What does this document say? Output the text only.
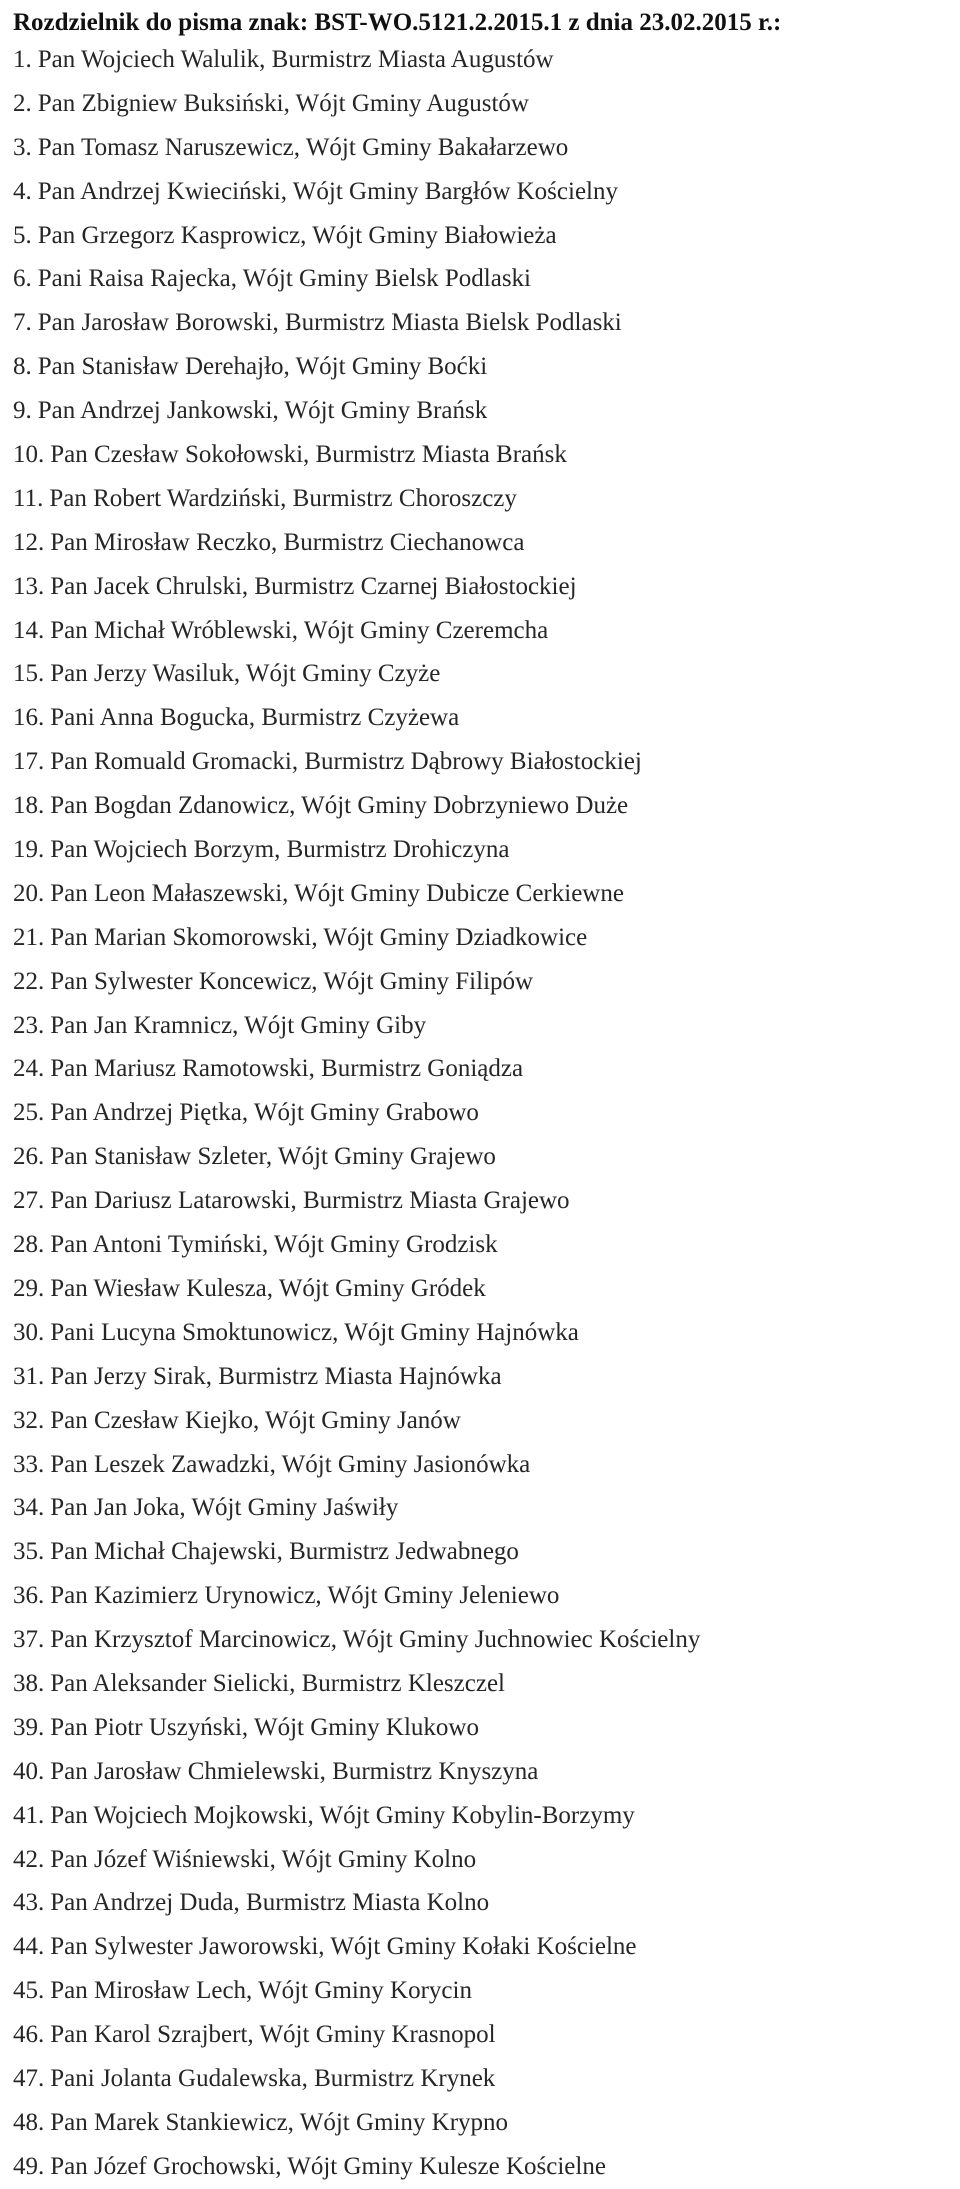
Rozdzielnik do pisma znak: BST-WO.5121.2.2015.1 z dnia 23.02.2015 r.:
1. Pan Wojciech Walulik, Burmistrz Miasta Augustów
2. Pan Zbigniew Buksiński, Wójt Gminy Augustów
3. Pan Tomasz Naruszewicz, Wójt Gminy Bakałarzewo
4. Pan Andrzej Kwieciński, Wójt Gminy Bargłów Kościelny
5. Pan Grzegorz Kasprowicz, Wójt Gminy Białowieża
6. Pani Raisa Rajecka, Wójt Gminy Bielsk Podlaski
7. Pan Jarosław Borowski, Burmistrz Miasta Bielsk Podlaski
8. Pan Stanisław Derehajło, Wójt Gminy Boćki
9. Pan Andrzej Jankowski, Wójt Gminy Brańsk
10. Pan Czesław Sokołowski, Burmistrz Miasta Brańsk
11. Pan Robert Wardziński, Burmistrz Choroszczy
12. Pan Mirosław Reczko, Burmistrz Ciechanowca
13. Pan Jacek Chrulski, Burmistrz Czarnej Białostockiej
14. Pan Michał Wróblewski, Wójt Gminy Czeremcha
15. Pan Jerzy Wasiluk, Wójt Gminy Czyże
16. Pani Anna Bogucka, Burmistrz Czyżewa
17. Pan Romuald Gromacki, Burmistrz Dąbrowy Białostockiej
18. Pan Bogdan Zdanowicz, Wójt Gminy Dobrzyniewo Duże
19. Pan Wojciech Borzym, Burmistrz Drohiczyna
20. Pan Leon Małaszewski, Wójt Gminy Dubicze Cerkiewne
21. Pan Marian Skomorowski, Wójt Gminy Dziadkowice
22. Pan Sylwester Koncewicz, Wójt Gminy Filipów
23. Pan Jan Kramnicz, Wójt Gminy Giby
24. Pan Mariusz Ramotowski, Burmistrz Goniądza
25. Pan Andrzej Piętka, Wójt Gminy Grabowo
26. Pan Stanisław Szleter, Wójt Gminy Grajewo
27. Pan Dariusz Latarowski, Burmistrz Miasta Grajewo
28. Pan Antoni Tymiński, Wójt Gminy Grodzisk
29. Pan Wiesław Kulesza, Wójt Gminy Gródek
30. Pani Lucyna Smoktunowicz, Wójt Gminy Hajnówka
31. Pan Jerzy Sirak, Burmistrz Miasta Hajnówka
32. Pan Czesław Kiejko, Wójt Gminy Janów
33. Pan Leszek Zawadzki, Wójt Gminy Jasionówka
34. Pan Jan Joka, Wójt Gminy Jaświły
35. Pan Michał Chajewski, Burmistrz Jedwabnego
36. Pan Kazimierz Urynowicz, Wójt Gminy Jeleniewo
37. Pan Krzysztof Marcinowicz, Wójt Gminy Juchnowiec Kościelny
38. Pan Aleksander Sielicki, Burmistrz Kleszczel
39. Pan Piotr Uszyński, Wójt Gminy Klukowo
40. Pan Jarosław Chmielewski, Burmistrz Knyszyna
41. Pan Wojciech Mojkowski, Wójt Gminy Kobylin-Borzymy
42. Pan Józef Wiśniewski, Wójt Gminy Kolno
43. Pan Andrzej Duda, Burmistrz Miasta Kolno
44. Pan Sylwester Jaworowski, Wójt Gminy Kołaki Kościelne
45. Pan Mirosław Lech, Wójt Gminy Korycin
46. Pan Karol Szrajbert, Wójt Gminy Krasnopol
47. Pani Jolanta Gudalewska, Burmistrz Krynek
48. Pan Marek Stankiewicz, Wójt Gminy Krypno
49. Pan Józef Grochowski, Wójt Gminy Kulesze Kościelne
